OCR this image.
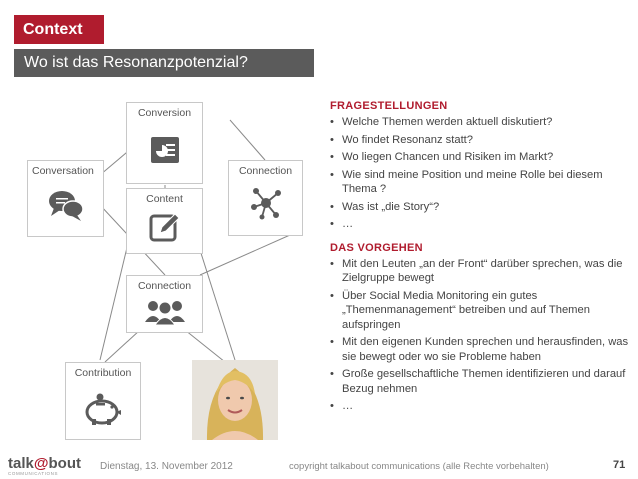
Context
Wo ist das Resonanzpotenzial?
Conversion
Conversation	Connection
Content
Connection
Contribution
FRAGESTELLUNGEN
• Welche Themen werden aktuell diskutiert?
• Wo findet Resonanz statt?
• Wo liegen Chancen und Risiken im Markt?
• Wie sind meine Position und meine Rolle bei diesem Thema ?
• Was ist „die Story“?
• …
DAS VORGEHEN
• Mit den Leuten „an der Front“ darüber sprechen, was die Zielgruppe bewegt
• Über Social Media Monitoring ein gutes „Themenmanagement“ betreiben und auf Themen aufspringen
• Mit den eigenen Kunden sprechen und herausfinden, was sie bewegt oder wo sie Probleme haben
• Große gesellschaftliche Themen identifizieren und darauf Bezug nehmen
• …
talk@bout
COMMUNICATIONS
Dienstag, 13. November 2012	copyright talkabout communications (alle Rechte vorbehalten)	71
